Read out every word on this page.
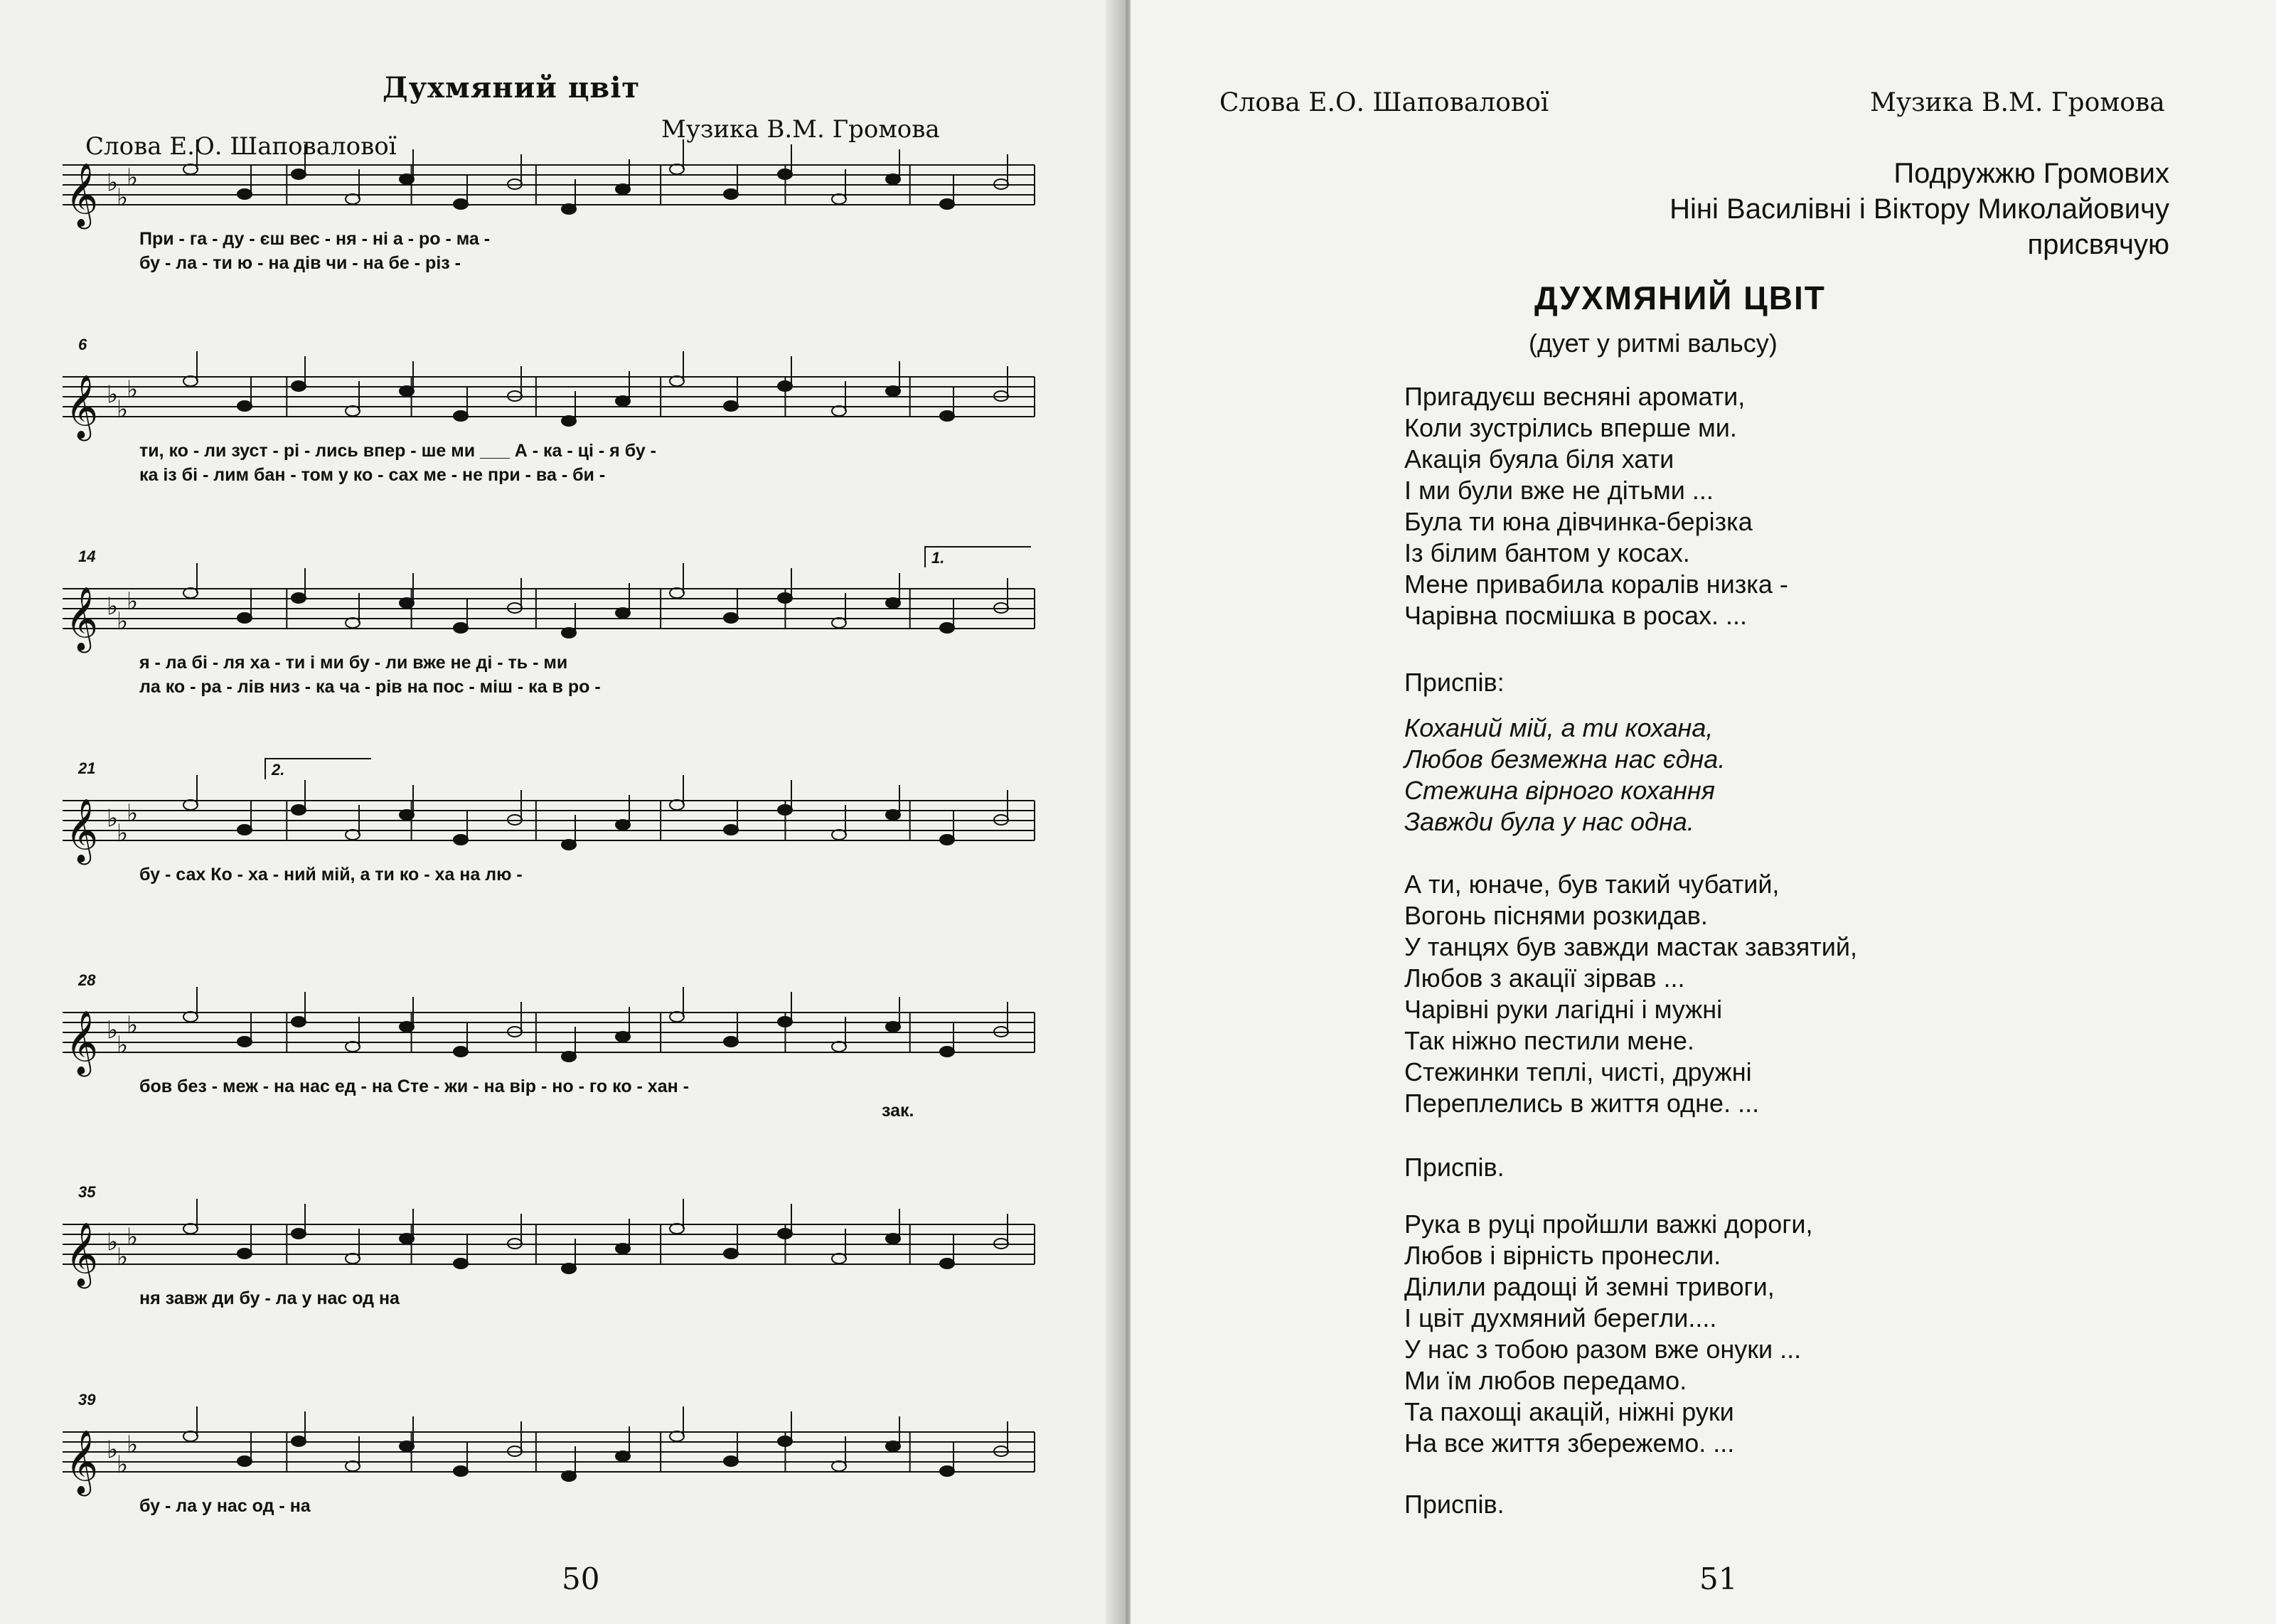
Духмяний цвіт
Слова Е.О. Шаповалової
Музика В.М. Громова
𝄞 ♭
♭
♭
При - га - ду - єш вес - ня - ні а - ро - ма -
бу - ла - ти ю - на дів чи - на бе - різ -
𝄞 ♭
♭
♭
6
ти, ко - ли зуст - рі - лись впер - ше ми ___ А - ка - ці - я бу -
ка із бі - лим бан - том у ко - сах ме - не при - ва - би -
𝄞 ♭
♭
♭
14	1.
я - ла бі - ля ха - ти і ми бу - ли вже не ді - ть - ми
ла ко - ра - лів низ - ка ча - рів на пос - міш - ка в ро -
𝄞 ♭
♭
♭
21	2.
бу - сах Ко - ха - ний мій, а ти ко - ха на лю -
𝄞 ♭
♭
♭
28
бов без - меж - на нас ед - на Сте - жи - на вір - но - го ко - хан -
зак.
𝄞 ♭
♭
♭
35
ня завж ди бу - ла у нас од на
𝄞 ♭
♭
♭
39
бу - ла у нас од - на
50
Слова Е.О. Шаповалової	Музика В.М. Громова
Подружжю Громових
Ніні Василівні і Віктору Миколайовичу
присвячую
ДУХМЯНИЙ ЦВІТ
(дует у ритмі вальсу)
Пригадуєш весняні аромати,
Коли зустрілись вперше ми.
Акація буяла біля хати
І ми були вже не дітьми ...
Була ти юна дівчинка-берізка
Із білим бантом у косах.
Мене привабила коралів низка -
Чарівна посмішка в росах. ...
Приспів:
Коханий мій, а ти кохана,
Любов безмежна нас єдна.
Стежина вірного кохання
Завжди була у нас одна.
А ти, юначе, був такий чубатий,
Вогонь піснями розкидав.
У танцях був завжди мастак завзятий,
Любов з акації зірвав ...
Чарівні руки лагідні і мужні
Так ніжно пестили мене.
Стежинки теплі, чисті, дружні
Переплелись в життя одне. ...
Приспів.
Рука в руці пройшли важкі дороги,
Любов і вірність пронесли.
Ділили радощі й земні тривоги,
І цвіт духмяний берегли....
У нас з тобою разом вже онуки ...
Ми їм любов передамо.
Та пахощі акацій, ніжні руки
На все життя збережемо. ...
Приспів.
51
